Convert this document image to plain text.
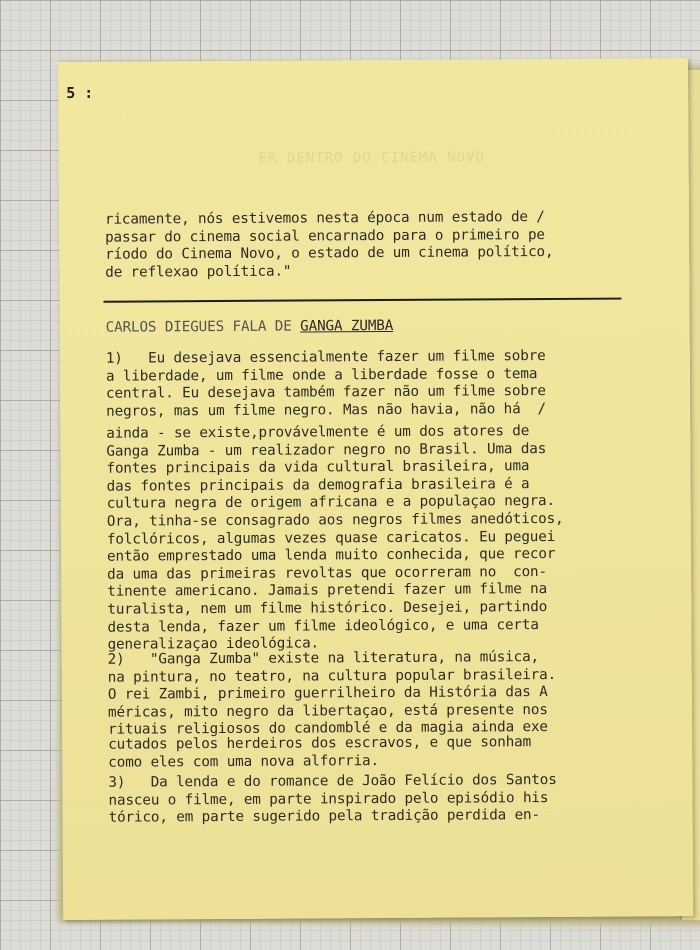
5 :
ER DENTRO DO CINEMA NOVO
ricamente, nós estivemos nesta época num estado de /
passar do cinema social encarnado para o primeiro pe
ríodo do Cinema Novo, o estado de um cinema político,
de reflexao política."
CARLOS DIEGUES FALA DE GANGA ZUMBA
1)   Eu desejava essencialmente fazer um filme sobre
a liberdade, um filme onde a liberdade fosse o tema
central. Eu desejava também fazer não um filme sobre
negros, mas um filme negro. Mas não havia, não há  /
ainda - se existe,provávelmente é um dos atores de
Ganga Zumba - um realizador negro no Brasil. Uma das
fontes principais da vida cultural brasileira, uma
das fontes principais da demografia brasileira é a
cultura negra de origem africana e a populaçao negra.
Ora, tinha-se consagrado aos negros filmes anedóticos,
folclóricos, algumas vezes quase caricatos. Eu peguei
então emprestado uma lenda muito conhecida, que recor
da uma das primeiras revoltas que ocorreram no  con-
tinente americano. Jamais pretendi fazer um filme na
turalista, nem um filme histórico. Desejei, partindo
desta lenda, fazer um filme ideológico, e uma certa
generalizaçao ideológica.
2)   "Ganga Zumba" existe na literatura, na música,
na pintura, no teatro, na cultura popular brasileira.
O rei Zambi, primeiro guerrilheiro da História das A
méricas, mito negro da libertaçao, está presente nos
rituais religiosos do candomblé e da magia ainda exe
cutados pelos herdeiros dos escravos, e que sonham
como eles com uma nova alforria.
3)   Da lenda e do romance de João Felício dos Santos
nasceu o filme, em parte inspirado pelo episódio his
tórico, em parte sugerido pela tradição perdida en-
